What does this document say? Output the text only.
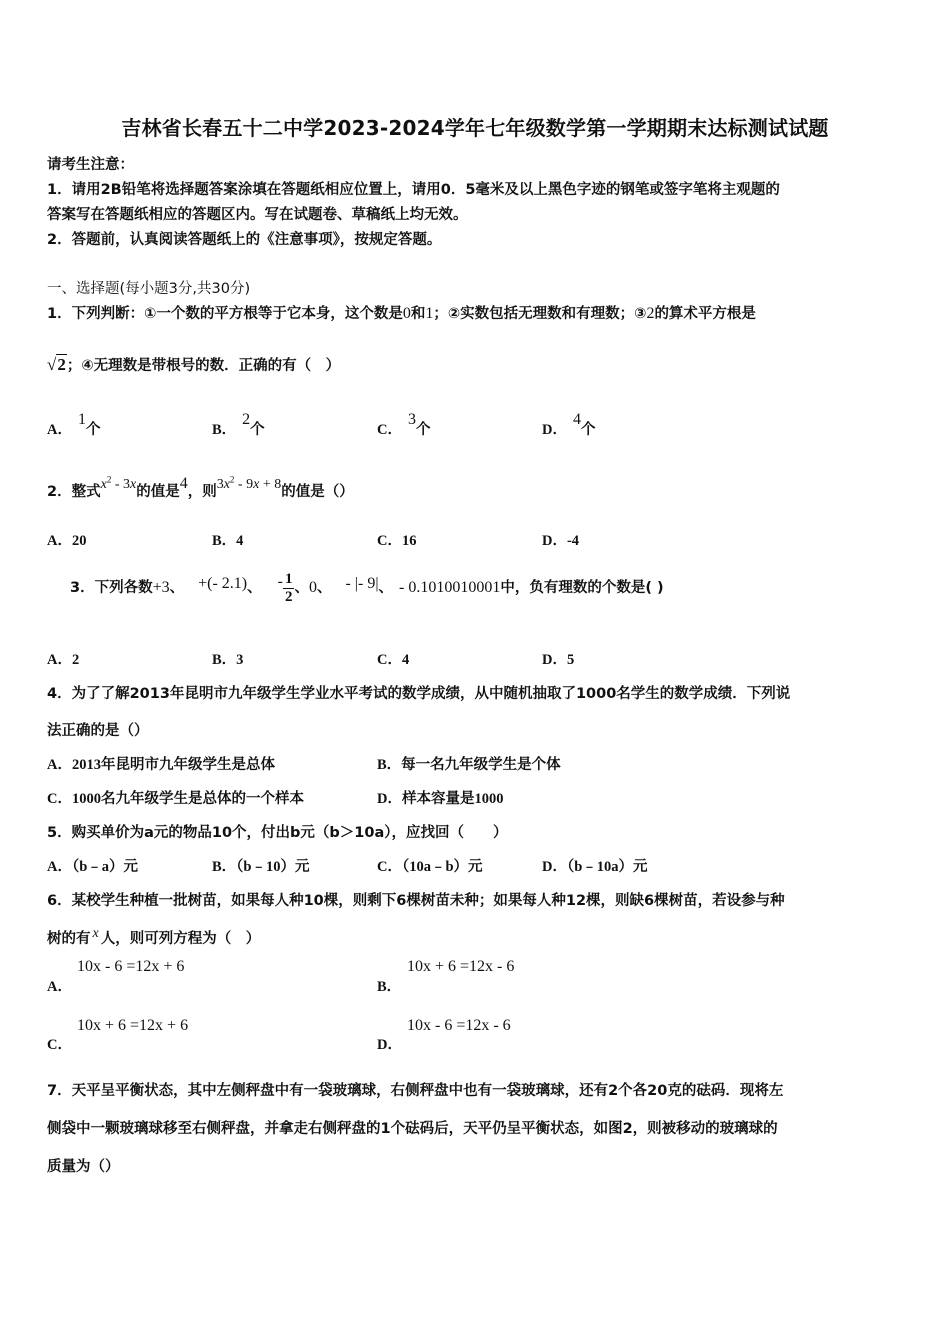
吉林省长春五十二中学2023-2024学年七年级数学第一学期期末达标测试试题
请考生注意：
1．请用2B铅笔将选择题答案涂填在答题纸相应位置上，请用0．5毫米及以上黑色字迹的钢笔或签字笔将主观题的
答案写在答题纸相应的答题区内。写在试题卷、草稿纸上均无效。
2．答题前，认真阅读答题纸上的《注意事项》，按规定答题。
一、选择题(每小题3分,共30分)
1．下列判断：①一个数的平方根等于它本身，这个数是0和1；②实数包括无理数和有理数；③2的算术平方根是
√2；④无理数是带根号的数．正确的有（　）
A．1个	B．2个	C．3个	D．4个
2．整式$x^2 - 3x$的值是4，则$3x^2 - 9x + 8$的值是（）
A．20	B．4	C．16	D．-4
3．下列各数+3、 +(- 2.1)、 - $\frac{1}{2}$ 、0、 - |- 9|、 - 0.1010010001中，负有理数的个数是( )
A．2	B．3	C．4	D．5
4．为了了解2013年昆明市九年级学生学业水平考试的数学成绩，从中随机抽取了1000名学生的数学成绩．下列说
法正确的是（）
A．2013年昆明市九年级学生是总体	B．每一名九年级学生是个体
C．1000名九年级学生是总体的一个样本	D．样本容量是1000
5．购买单价为a元的物品10个，付出b元（b＞10a），应找回（　　）
A．（b﹣a）元	B．（b﹣10）元	C．（10a﹣b）元	D．（b﹣10a）元
6．某校学生种植一批树苗，如果每人种10棵，则剩下6棵树苗未种；如果每人种12棵，则缺6棵树苗，若设参与种
树的有 x 人，则可列方程为（　）
A．
10x - 6 =12x + 6
B．
10x + 6 =12x - 6
C．
10x + 6 =12x + 6
D．
10x - 6 =12x - 6
7．天平呈平衡状态，其中左侧秤盘中有一袋玻璃球，右侧秤盘中也有一袋玻璃球，还有2个各20克的砝码．现将左
侧袋中一颗玻璃球移至右侧秤盘，并拿走右侧秤盘的1个砝码后，天平仍呈平衡状态，如图2，则被移动的玻璃球的
质量为（）
